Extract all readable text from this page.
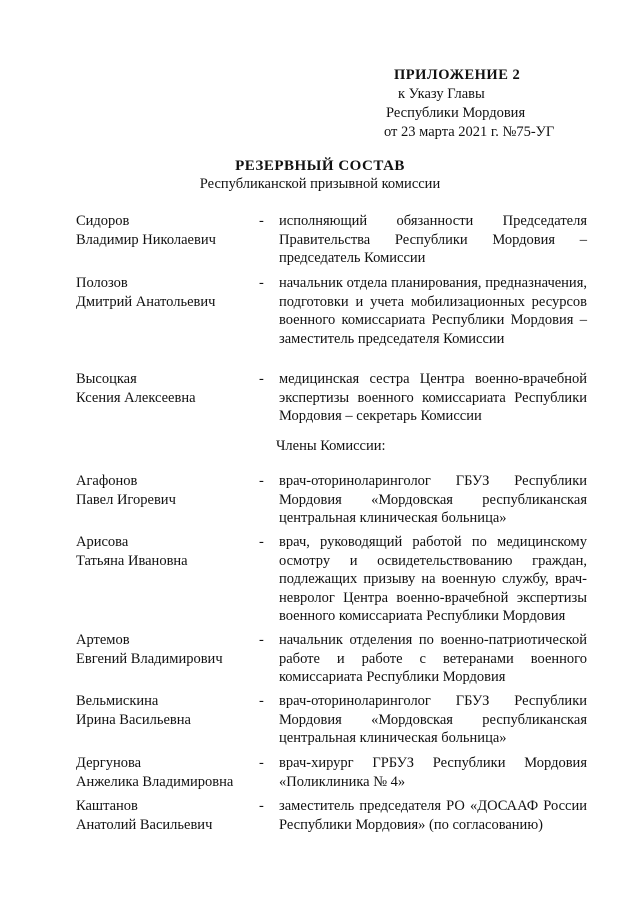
ПРИЛОЖЕНИЕ 2
к Указу Главы
Республики Мордовия
от 23 марта 2021 г. №75-УГ
РЕЗЕРВНЫЙ СОСТАВ
Республиканской призывной комиссии
Сидоров
Владимир Николаевич
- исполняющий обязанности Председателя Правительства Республики Мордовия – председатель Комиссии
Полозов
Дмитрий Анатольевич
- начальник отдела планирования, предназначения, подготовки и учета мобилизационных ресурсов военного комиссариата Республики Мордовия – заместитель председателя Комиссии
Высоцкая
Ксения Алексеевна
- медицинская сестра Центра военно-врачебной экспертизы военного комиссариата Республики Мордовия – секретарь Комиссии
Члены Комиссии:
Агафонов
Павел Игоревич
- врач-оториноларинголог ГБУЗ Республики Мордовия «Мордовская республиканская центральная клиническая больница»
Арисова
Татьяна Ивановна
- врач, руководящий работой по медицинскому осмотру и освидетельствованию граждан, подлежащих призыву на военную службу, врач-невролог Центра военно-врачебной экспертизы военного комиссариата Республики Мордовия
Артемов
Евгений Владимирович
- начальник отделения по военно-патриотической работе и работе с ветеранами военного комиссариата Республики Мордовия
Вельмискина
Ирина Васильевна
- врач-оториноларинголог ГБУЗ Республики Мордовия «Мордовская республиканская центральная клиническая больница»
Дергунова
Анжелика Владимировна
- врач-хирург ГРБУЗ Республики Мордовия «Поликлиника № 4»
Каштанов
Анатолий Васильевич
- заместитель председателя РО «ДОСААФ России Республики Мордовия» (по согласованию)
